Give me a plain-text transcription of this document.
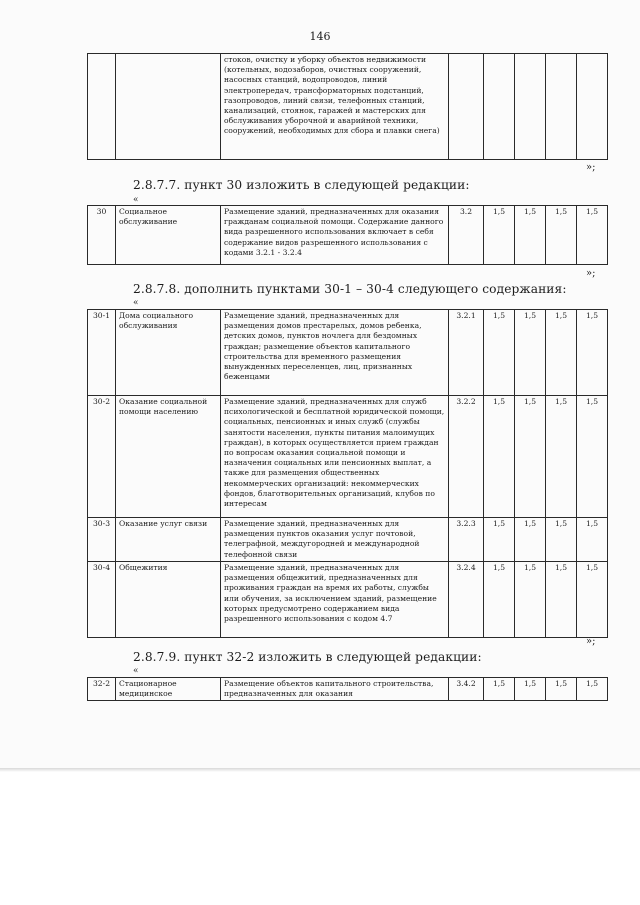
146
		стоков, очистку и уборку объектов недвижимости (котельных, водозаборов, очистных сооружений, насосных станций, водопроводов, линий электропередач, трансформаторных подстанций, газопроводов, линий связи, телефонных станций, канализаций, стоянок, гаражей и мастерских для обслуживания уборочной и аварийной техники, сооружений, необходимых для сбора и плавки снега)					
»;
2.8.7.7. пункт 30 изложить в следующей редакции:
«
30	Социальное обслуживание	Размещение зданий, предназначенных для оказания гражданам социальной помощи. Содержание данного вида разрешенного использования включает в себя содержание видов разрешенного использования с кодами 3.2.1 - 3.2.4	3.2	1,5	1,5	1,5	1,5
»;
2.8.7.8. дополнить пунктами 30-1 – 30-4 следующего содержания:
«
30-1	Дома социального обслуживания	Размещение зданий, предназначенных для размещения домов престарелых, домов ребенка, детских домов, пунктов ночлега для бездомных граждан; размещение объектов капитального строительства для временного размещения вынужденных переселенцев, лиц, признанных беженцами	3.2.1	1,5	1,5	1,5	1,5
30-2	Оказание социальной помощи населению	Размещение зданий, предназначенных для служб психологической и бесплатной юридической помощи, социальных, пенсионных и иных служб (службы занятости населения, пункты питания малоимущих граждан), в которых осуществляется прием граждан по вопросам оказания социальной помощи и назначения социальных или пенсионных выплат, а также для размещения общественных некоммерческих организаций: некоммерческих фондов, благотворительных организаций, клубов по интересам	3.2.2	1,5	1,5	1,5	1,5
30-3	Оказание услуг связи	Размещение зданий, предназначенных для размещения пунктов оказания услуг почтовой, телеграфной, междугородней и международной телефонной связи	3.2.3	1,5	1,5	1,5	1,5
30-4	Общежития	Размещение зданий, предназначенных для размещения общежитий, предназначенных для проживания граждан на время их работы, службы или обучения, за исключением зданий, размещение которых предусмотрено содержанием вида разрешенного использования с кодом 4.7	3.2.4	1,5	1,5	1,5	1,5
»;
2.8.7.9. пункт 32-2 изложить в следующей редакции:
«
32-2	Стационарное медицинское	Размещение объектов капитального строительства, предназначенных для оказания	3.4.2	1,5	1,5	1,5	1,5
